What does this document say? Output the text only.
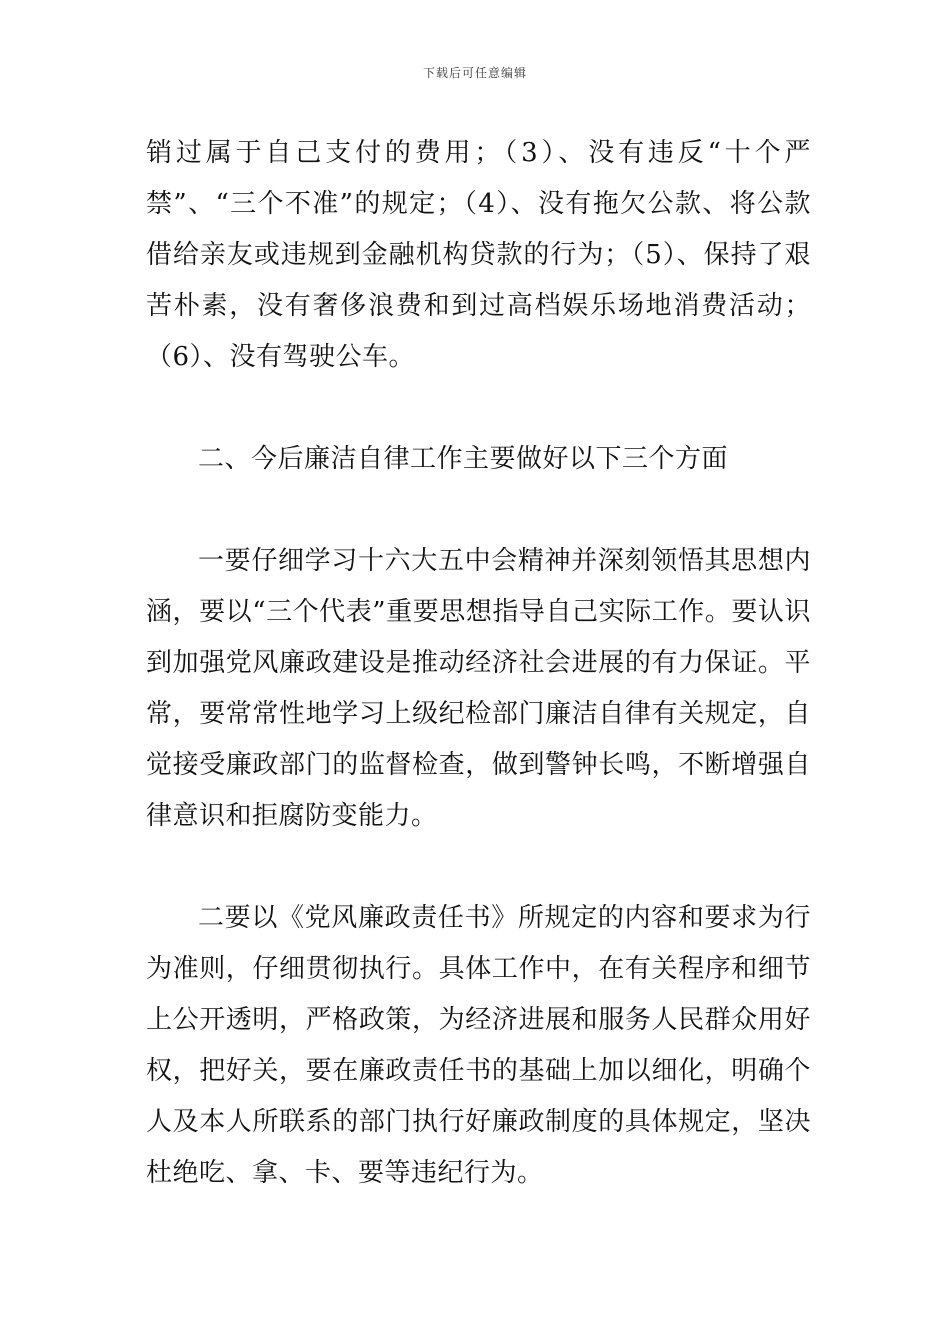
下载后可任意编辑

销过属于自己支付的费用；（3）、没有违反“十个严禁”、“三个不准”的规定；（4）、没有拖欠公款、将公款借给亲友或违规到金融机构贷款的行为；（5）、保持了艰苦朴素，没有奢侈浪费和到过高档娱乐场地消费活动；（6）、没有驾驶公车。

二、今后廉洁自律工作主要做好以下三个方面

一要仔细学习十六大五中会精神并深刻领悟其思想内涵，要以“三个代表”重要思想指导自己实际工作。要认识到加强党风廉政建设是推动经济社会进展的有力保证。平常，要常常性地学习上级纪检部门廉洁自律有关规定，自觉接受廉政部门的监督检查，做到警钟长鸣，不断增强自律意识和拒腐防变能力。

二要以《党风廉政责任书》所规定的内容和要求为行为准则，仔细贯彻执行。具体工作中，在有关程序和细节上公开透明，严格政策，为经济进展和服务人民群众用好权，把好关，要在廉政责任书的基础上加以细化，明确个人及本人所联系的部门执行好廉政制度的具体规定，坚决杜绝吃、拿、卡、要等违纪行为。
